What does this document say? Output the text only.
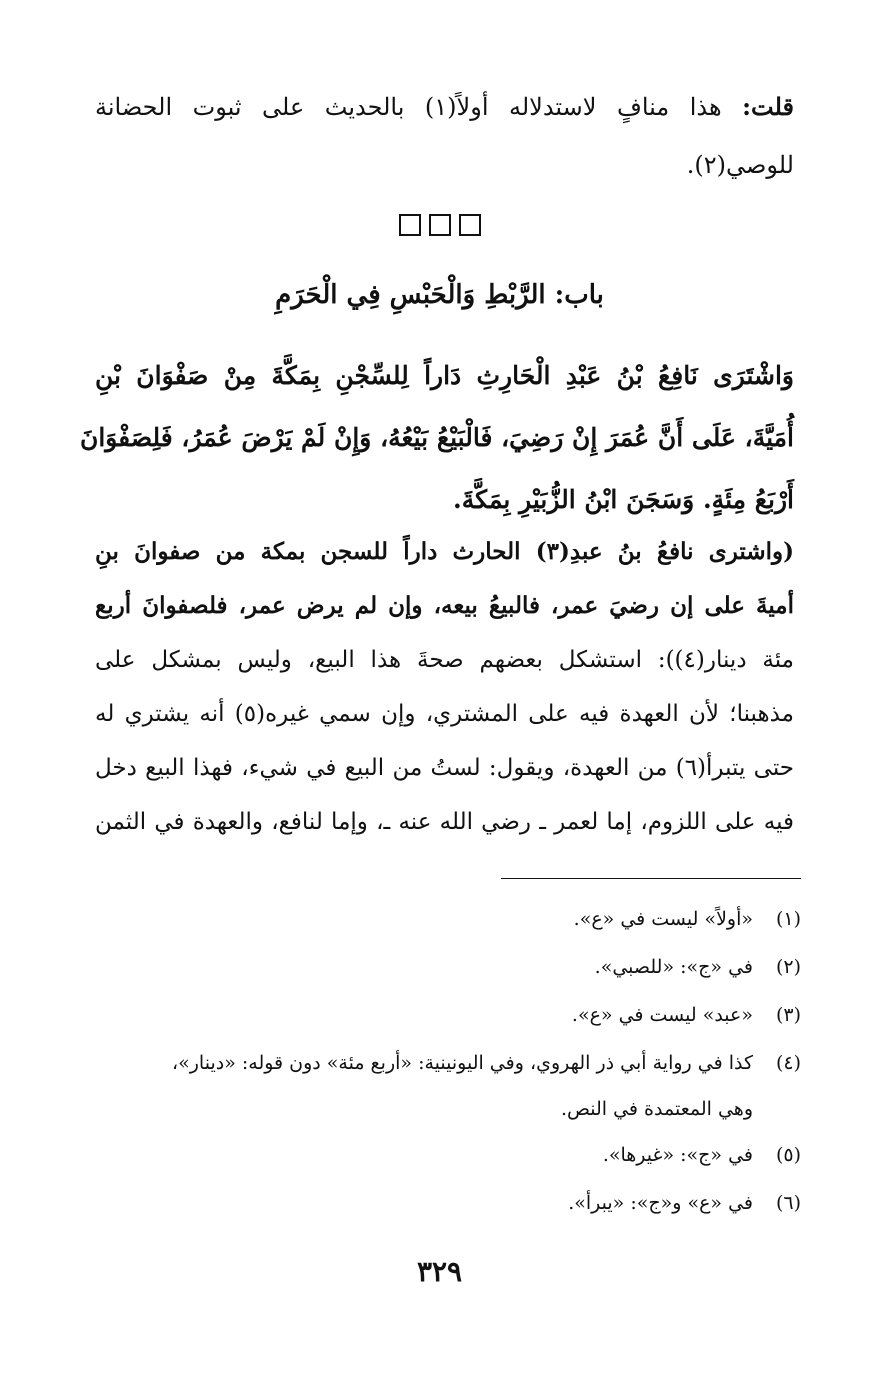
قلت: هذا منافٍ لاستدلاله أولاً(١) بالحديث على ثبوت الحضانة
للوصي(٢).
باب: الرَّبْطِ وَالْحَبْسِ فِي الْحَرَمِ
وَاشْتَرَى نَافِعُ بْنُ عَبْدِ الْحَارِثِ دَاراً لِلسِّجْنِ بِمَكَّةَ مِنْ صَفْوَانَ بْنِ
أُمَيَّةَ، عَلَى أَنَّ عُمَرَ إِنْ رَضِيَ، فَالْبَيْعُ بَيْعُهُ، وَإِنْ لَمْ يَرْضَ عُمَرُ، فَلِصَفْوَانَ
أَرْبَعُ مِئَةٍ. وَسَجَنَ ابْنُ الزُّبَيْرِ بِمَكَّةَ.
(واشترى نافعُ بنُ عبدِ(٣) الحارث داراً للسجن بمكة من صفوانَ بنِ
أميةَ على إن رضيَ عمر، فالبيعُ بيعه، وإن لم يرض عمر، فلصفوانَ أربع
مئة دينار(٤)): استشكل بعضهم صحةَ هذا البيع، وليس بمشكل على
مذهبنا؛ لأن العهدة فيه على المشتري، وإن سمي غيره(٥) أنه يشتري له
حتى يتبرأ(٦) من العهدة، ويقول: لستُ من البيع في شيء، فهذا البيع دخل
فيه على اللزوم، إما لعمر ـ رضي الله عنه ـ، وإما لنافع، والعهدة في الثمن
(١)
«أولاً» ليست في «ع».
(٢)
في «ج»: «للصبي».
(٣)
«عبد» ليست في «ع».
(٤)
كذا في رواية أبي ذر الهروي، وفي اليونينية: «أربع مئة» دون قوله: «دينار»،
وهي المعتمدة في النص.
(٥)
في «ج»: «غيرها».
(٦)
في «ع» و«ج»: «يبرأ».
٣٢٩
